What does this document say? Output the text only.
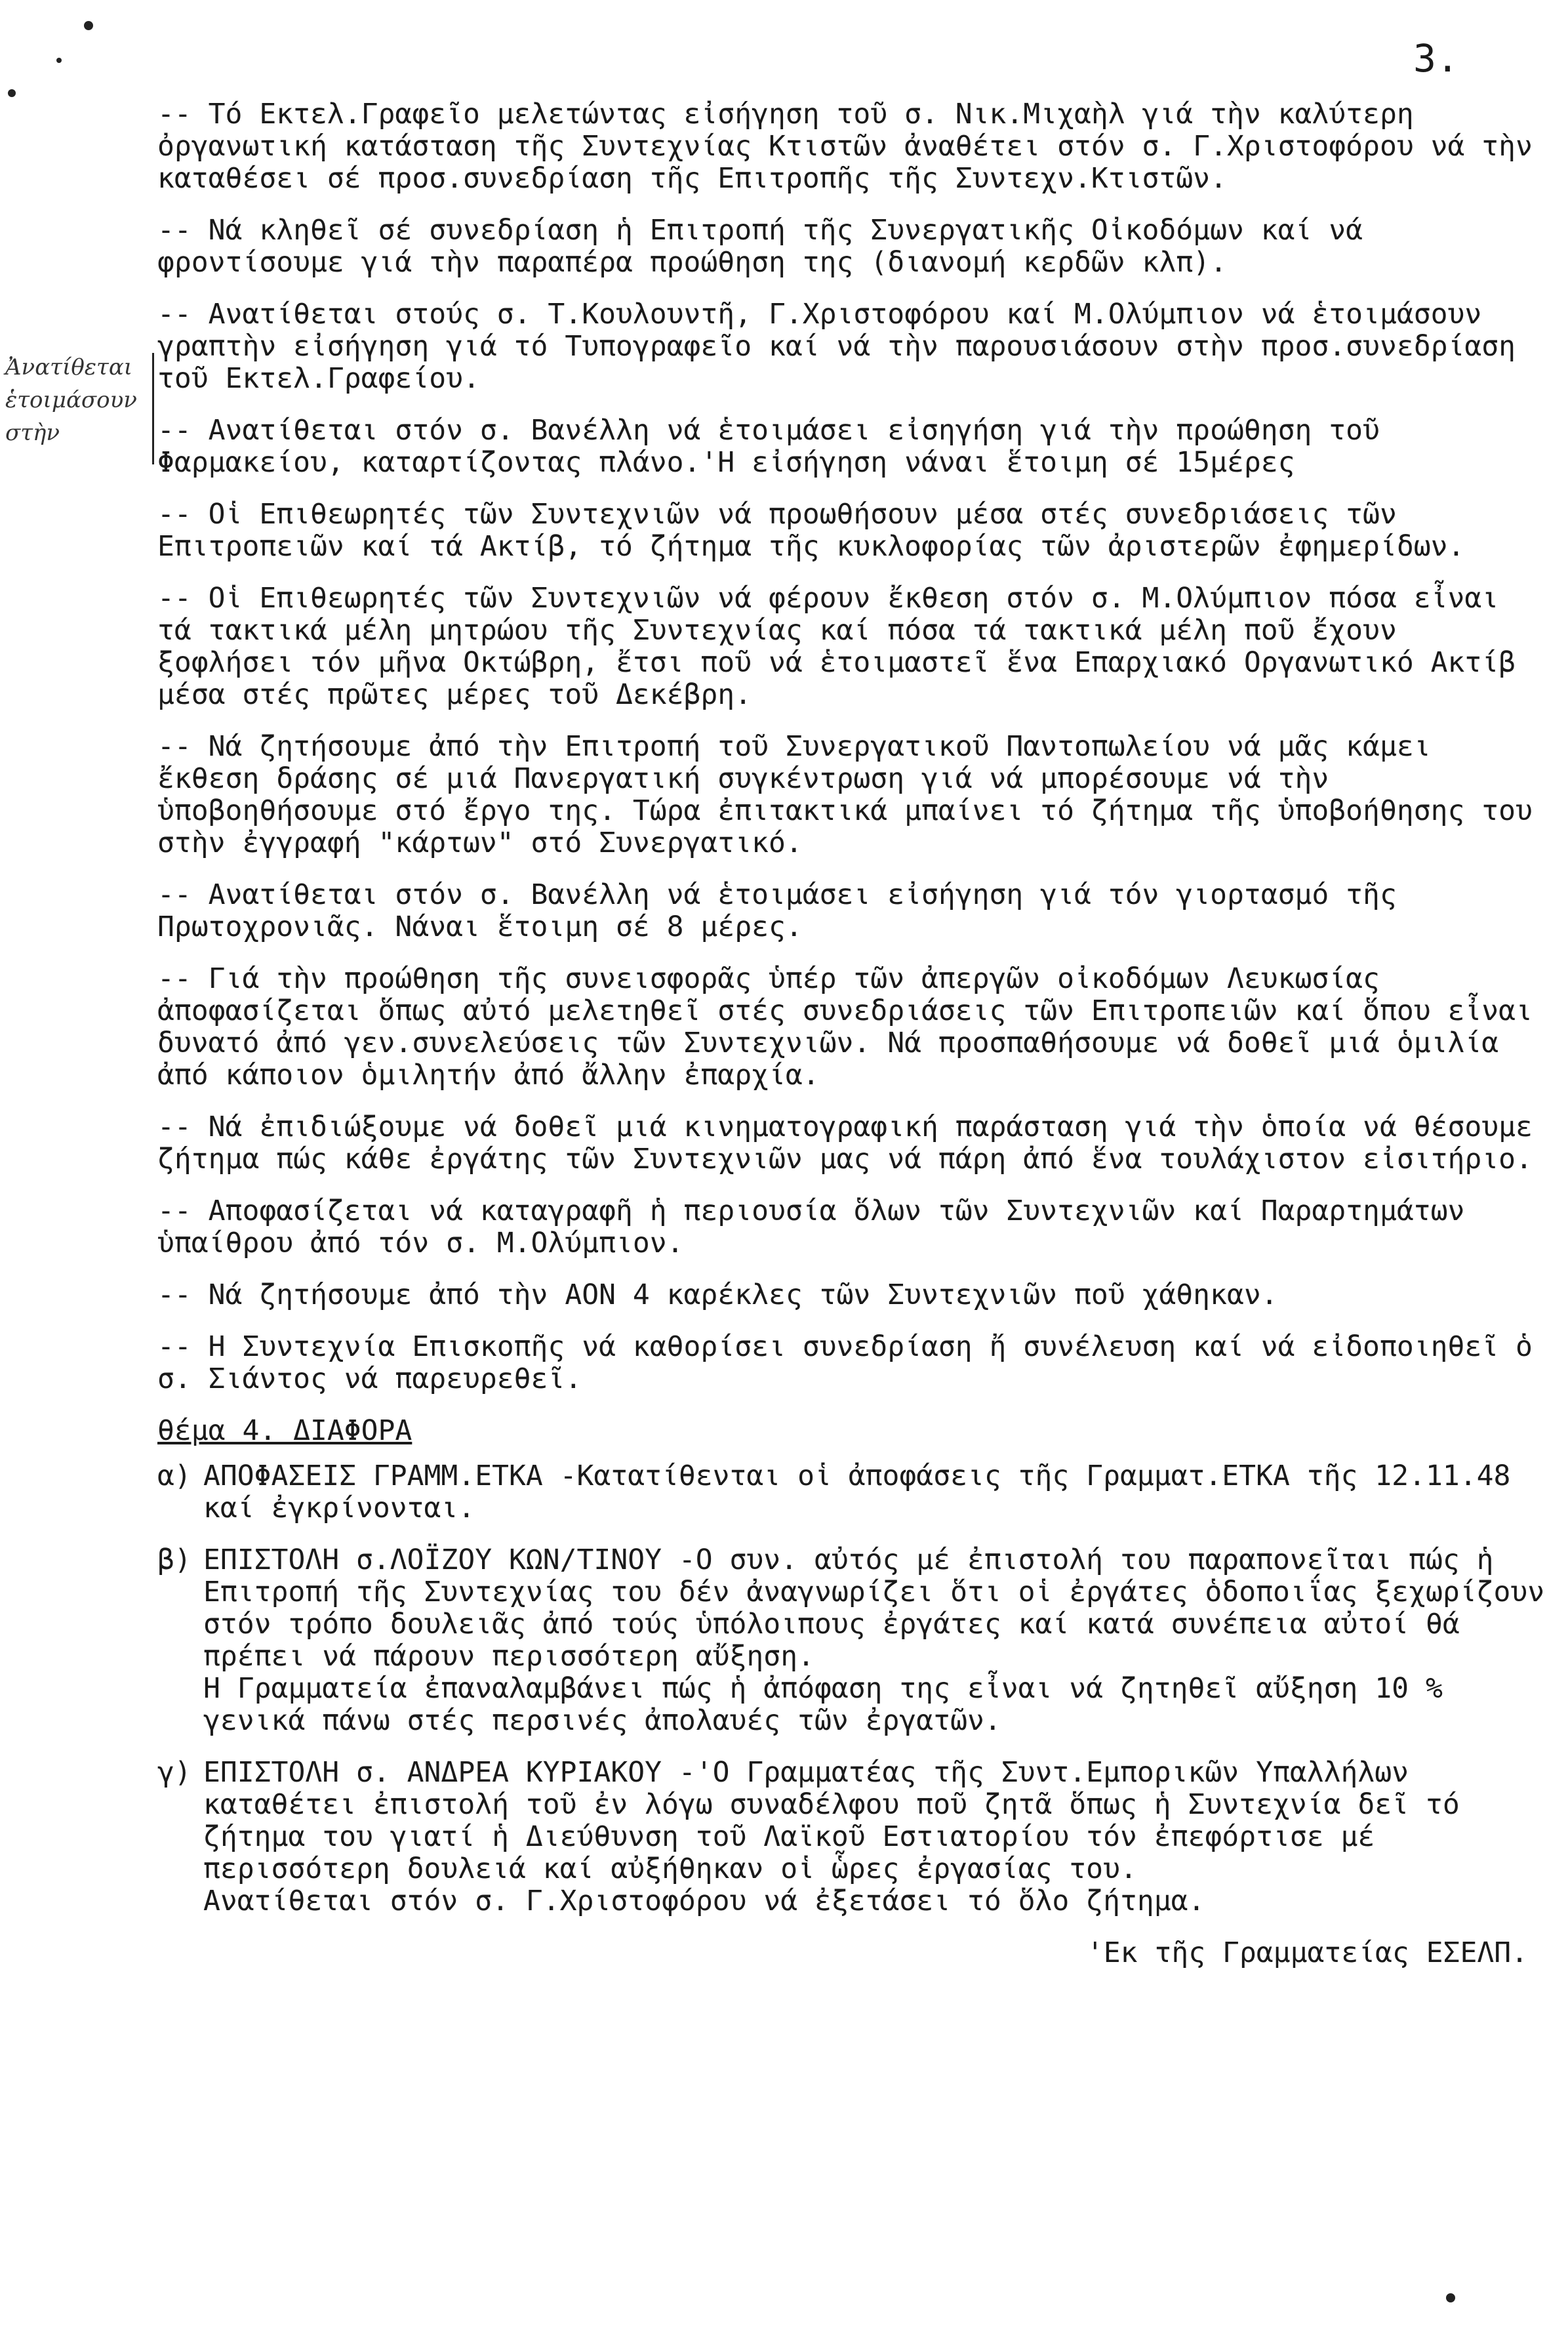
3.
Ἀνατίθεται ἑτοιμάσουν στὴν

-- Τό Εκτελ.Γραφεῖο μελετώντας εἰσήγηση τοῦ σ. Νικ.Μιχαὴλ γιά τὴν καλύτερη ὀργανωτική κατάσταση τῆς Συντεχνίας Κτιστῶν ἀναθέτει στόν σ. Γ.Χριστοφόρου νά τὴν καταθέσει σέ προσ.συνεδρίαση τῆς Επιτροπῆς τῆς Συντεχν.Κτιστῶν.

-- Νά κληθεῖ σέ συνεδρίαση ἡ Επιτροπή τῆς Συνεργατικῆς Οἰκοδόμων καί νά φροντίσουμε γιά τὴν παραπέρα προώθηση της (διανομή κερδῶν κλπ).

-- Ανατίθεται στούς σ. Τ.Κουλουντῆ, Γ.Χριστοφόρου καί Μ.Ολύμπιον νά ἑτοιμάσουν γραπτὴν εἰσήγηση γιά τό Τυπογραφεῖο καί νά τὴν παρουσιάσουν στὴν προσ.συνεδρίαση τοῦ Εκτελ.Γραφείου.

-- Ανατίθεται στόν σ. Βανέλλη νά ἑτοιμάσει εἰσηγήση γιά τὴν προώθηση τοῦ Φαρμακείου, καταρτίζοντας πλάνο.'Η εἰσήγηση νάναι ἕτοιμη σέ 15μέρες

-- Οἱ Επιθεωρητές τῶν Συντεχνιῶν νά προωθήσουν μέσα στές συνεδριάσεις τῶν Επιτροπειῶν καί τά Ακτίβ, τό ζήτημα τῆς κυκλοφορίας τῶν ἀριστερῶν ἐφημερίδων.

-- Οἱ Επιθεωρητές τῶν Συντεχνιῶν νά φέρουν ἔκθεση στόν σ. Μ.Ολύμπιον πόσα εἶναι τά τακτικά μέλη μητρώου τῆς Συντεχνίας καί πόσα τά τακτικά μέλη ποῦ ἔχουν ξοφλήσει τόν μῆνα Οκτώβρη, ἔτσι ποῦ νά ἑτοιμαστεῖ ἕνα Επαρχιακό Οργανωτικό Ακτίβ μέσα στές πρῶτες μέρες τοῦ Δεκέβρη.

-- Νά ζητήσουμε ἀπό τὴν Επιτροπή τοῦ Συνεργατικοῦ Παντοπωλείου νά μᾶς κάμει ἔκθεση δράσης σέ μιά Πανεργατική συγκέντρωση γιά νά μπορέσουμε νά τὴν ὑποβοηθήσουμε στό ἔργο της. Τώρα ἐπιτακτικά μπαίνει τό ζήτημα τῆς ὑποβοήθησης του στὴν ἐγγραφή "κάρτων" στό Συνεργατικό.

-- Ανατίθεται στόν σ. Βανέλλη νά ἑτοιμάσει εἰσήγηση γιά τόν γιορτασμό τῆς Πρωτοχρονιᾶς. Νάναι ἕτοιμη σέ 8 μέρες.

-- Γιά τὴν προώθηση τῆς συνεισφορᾶς ὑπέρ τῶν ἀπεργῶν οἰκοδόμων Λευκωσίας ἀποφασίζεται ὅπως αὐτό μελετηθεῖ στές συνεδριάσεις τῶν Επιτροπειῶν καί ὅπου εἶναι δυνατό ἀπό γεν.συνελεύσεις τῶν Συντεχνιῶν. Νά προσπαθήσουμε νά δοθεῖ μιά ὁμιλία ἀπό κάποιον ὁμιλητήν ἀπό ἄλλην ἐπαρχία.

-- Νά ἐπιδιώξουμε νά δοθεῖ μιά κινηματογραφική παράσταση γιά τὴν ὁποία νά θέσουμε ζήτημα πώς κάθε ἐργάτης τῶν Συντεχνιῶν μας νά πάρη ἀπό ἕνα τουλάχιστον εἰσιτήριο.

-- Αποφασίζεται νά καταγραφῆ ἡ περιουσία ὅλων τῶν Συντεχνιῶν καί Παραρτημάτων ὑπαίθρου ἀπό τόν σ. Μ.Ολύμπιον.

-- Νά ζητήσουμε ἀπό τὴν ΑΟΝ 4 καρέκλες τῶν Συντεχνιῶν ποῦ χάθηκαν.

-- Η Συντεχνία Επισκοπῆς νά καθορίσει συνεδρίαση ἤ συνέλευση καί νά εἰδοποιηθεῖ ὁ σ. Σιάντος νά παρευρεθεῖ.

θέμα 4. ΔΙΑΦΟΡΑ
α) ΑΠΟΦΑΣΕΙΣ ΓΡΑΜΜ.ΕΤΚΑ -Κατατίθενται οἱ ἀποφάσεις τῆς Γραμματ.ΕΤΚΑ τῆς 12.11.48 καί ἐγκρίνονται.

β) ΕΠΙΣΤΟΛΗ σ.ΛΟΪΖΟΥ ΚΩΝ/ΤΙΝΟΥ -Ο συν. αὐτός μέ ἐπιστολή του παραπονεῖται πώς ἡ Επιτροπή τῆς Συντεχνίας του δέν ἀναγνωρίζει ὅτι οἱ ἐργάτες ὁδοποιΐας ξεχωρίζουν στόν τρόπο δουλειᾶς ἀπό τούς ὑπόλοιπους ἐργάτες καί κατά συνέπεια αὐτοί θά πρέπει νά πάρουν περισσότερη αὔξηση.

Η Γραμματεία ἐπαναλαμβάνει πώς ἡ ἀπόφαση της εἶναι νά ζητηθεῖ αὔξηση 10 % γενικά πάνω στές περσινές ἀπολαυές τῶν ἐργατῶν.

γ) ΕΠΙΣΤΟΛΗ σ. ΑΝΔΡΕΑ ΚΥΡΙΑΚΟΥ -'Ο Γραμματέας τῆς Συντ.Εμπορικῶν Υπαλλήλων καταθέτει ἐπιστολή τοῦ ἐν λόγω συναδέλφου ποῦ ζητᾶ ὅπως ἡ Συντεχνία δεῖ τό ζήτημα του γιατί ἡ Διεύθυνση τοῦ Λαϊκοῦ Εστιατορίου τόν ἐπεφόρτισε μέ περισσότερη δουλειά καί αὐξήθηκαν οἱ ὧρες ἐργασίας του.

Ανατίθεται στόν σ. Γ.Χριστοφόρου νά ἐξετάσει τό ὅλο ζήτημα.

'Εκ τῆς Γραμματείας ΕΣΕΛΠ.
